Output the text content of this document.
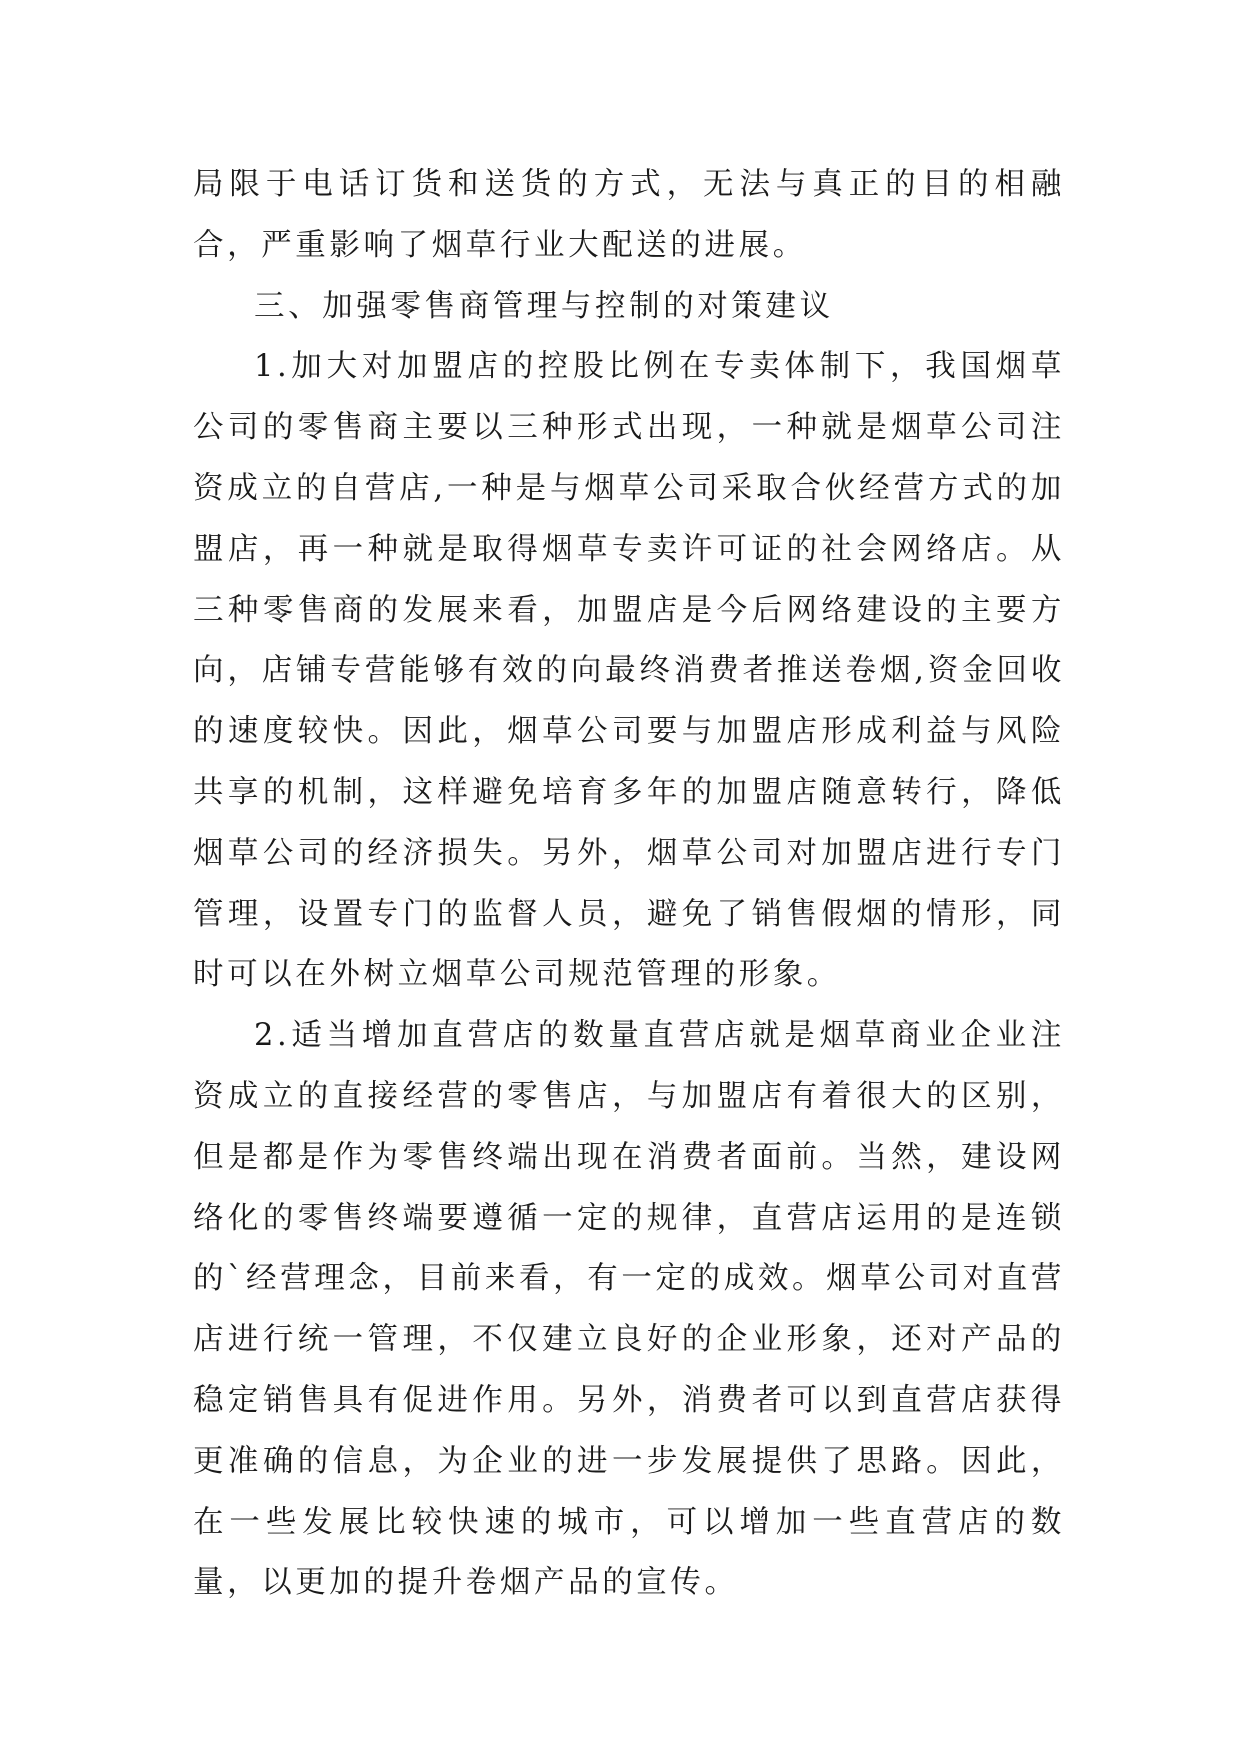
局限于电话订货和送货的方式，无法与真正的目的相融合，严重影响了烟草行业大配送的进展。

三、加强零售商管理与控制的对策建议

1.加大对加盟店的控股比例在专卖体制下，我国烟草公司的零售商主要以三种形式出现，一种就是烟草公司注资成立的自营店,一种是与烟草公司采取合伙经营方式的加盟店，再一种就是取得烟草专卖许可证的社会网络店。从三种零售商的发展来看，加盟店是今后网络建设的主要方向，店铺专营能够有效的向最终消费者推送卷烟,资金回收的速度较快。因此，烟草公司要与加盟店形成利益与风险共享的机制，这样避免培育多年的加盟店随意转行，降低烟草公司的经济损失。另外，烟草公司对加盟店进行专门管理，设置专门的监督人员，避免了销售假烟的情形，同时可以在外树立烟草公司规范管理的形象。

2.适当增加直营店的数量直营店就是烟草商业企业注资成立的直接经营的零售店，与加盟店有着很大的区别，但是都是作为零售终端出现在消费者面前。当然，建设网络化的零售终端要遵循一定的规律，直营店运用的是连锁的`经营理念，目前来看，有一定的成效。烟草公司对直营店进行统一管理，不仅建立良好的企业形象，还对产品的稳定销售具有促进作用。另外，消费者可以到直营店获得更准确的信息，为企业的进一步发展提供了思路。因此，在一些发展比较快速的城市，可以增加一些直营店的数量，以更加的提升卷烟产品的宣传。
